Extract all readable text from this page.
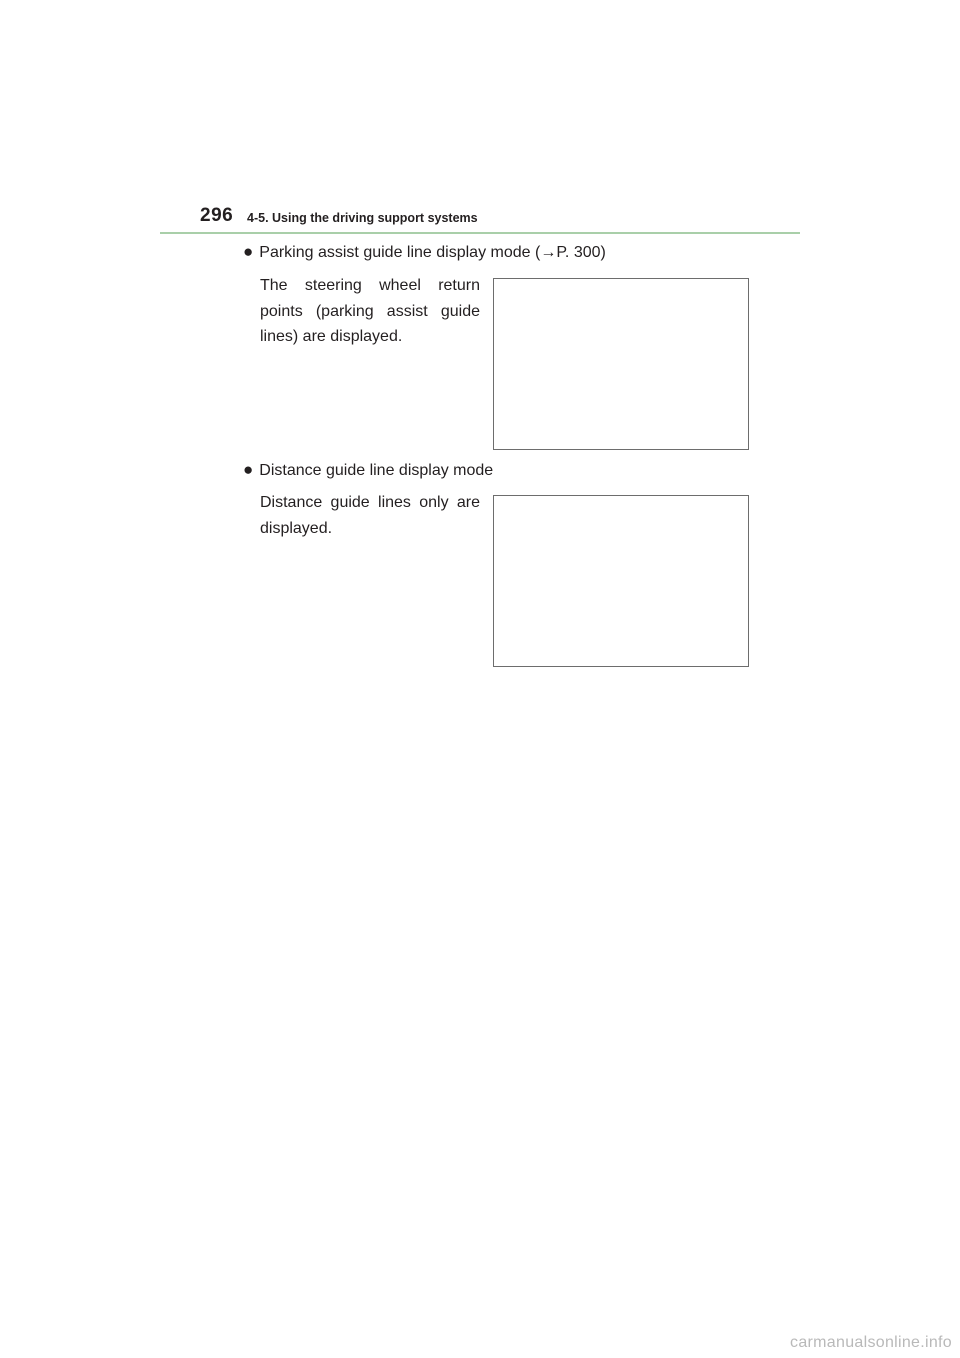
296 4-5. Using the driving support systems
● Parking assist guide line display mode (→P. 300)
The steering wheel return points (parking assist guide lines) are displayed.
● Distance guide line display mode
Distance guide lines only are displayed.
carmanualsonline.info
